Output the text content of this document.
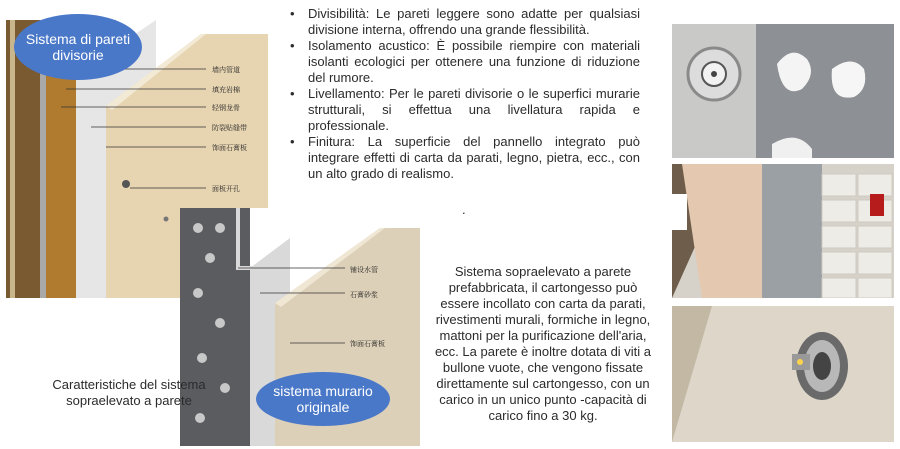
墙内管道
填充岩棉
轻钢龙骨
防裂贴缝带
饰面石膏板
面板开孔
Sistema di pareti divisorie
铺设水管
石膏砂浆
饰面石膏板
sistema murario originale
• Divisibilità: Le pareti leggere sono adatte per qualsiasi divisione interna, offrendo una grande flessibilità.
• Isolamento acustico: È possibile riempire con materiali isolanti ecologici per ottenere una funzione di riduzione del rumore.
• Livellamento: Per le pareti divisorie o le superfici murarie strutturali, si effettua una livellatura rapida e professionale.
• Finitura: La superficie del pannello integrato può integrare effetti di carta da parati, legno, pietra, ecc., con un alto grado di realismo.
.
Sistema sopraelevato a parete prefabbricata, il cartongesso può essere incollato con carta da parati, rivestimenti murali, formiche in legno, mattoni per la purificazione dell'aria, ecc. La parete è inoltre dotata di viti a bullone vuote, che vengono fissate direttamente sul cartongesso, con un carico in un unico punto -capacità di carico fino a 30 kg.
Caratteristiche del sistema sopraelevato a parete
